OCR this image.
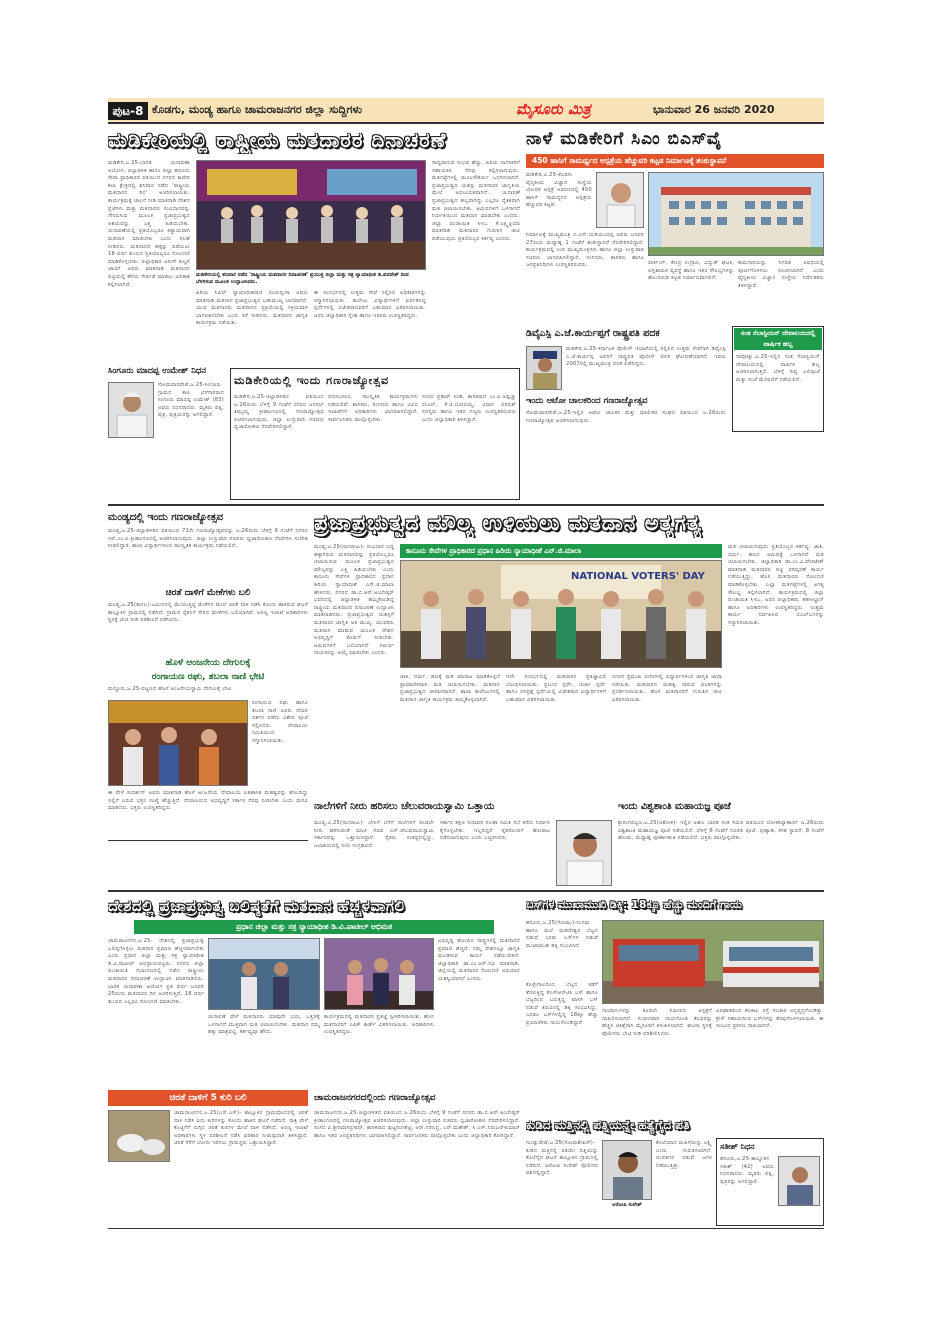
ಪುಟ-8 ಕೊಡಗು, ಮಂಡ್ಯ ಹಾಗೂ ಚಾಮರಾಜನಗರ ಜಿಲ್ಲಾ ಸುದ್ದಿಗಳು	ಮೈಸೂರು ಮಿತ್ರ	ಭಾನುವಾರ 26 ಜನವರಿ 2020
ಮಡಿಕೇರಿಯಲ್ಲಿ ರಾಷ್ಟ್ರೀಯ ಮತದಾರರ ದಿನಾಚರಣೆ
ಮಡಿಕೇರಿ,ಜ.25-ಭಾರತ ಚುನಾವಣಾ ಆಯೋಗ, ಜಿಲ್ಲಾಡಳಿತ ಹಾಗೂ ಜಿಲ್ಲಾ ಕಾನೂನು ಸೇವಾ ಪ್ರಾಧಿಕಾರದ ವತಿಯಿಂದ ನಗರದ ಕಾವೇರಿ ಕಲಾ ಕ್ಷೇತ್ರದಲ್ಲಿ ಶನಿವಾರ ನಡೆದ 'ರಾಷ್ಟ್ರೀಯ ಮತದಾರರ ದಿನ' ಆಚರಿಸಲಾಯಿತು. ಕಾರ್ಯಕ್ರಮಕ್ಕೆ ಚಾಲನೆ ನೀಡಿ ಮಾತನಾಡಿ ದೇಶದ ಪ್ರಜೆಗಳು ಮತ್ತು ಮತದಾರರು ಸಂವಿಧಾನವನ್ನು ಗೌರವಿಸುವ ಮೂಲಕ ಪ್ರಜಾಪ್ರಭುತ್ವದ ಆಶಯವನ್ನು ಎತ್ತಿ ಹಿಡಿಯಬೇಕು. ಚುನಾವಣೆಯಲ್ಲಿ ಪ್ರತಿಯೊಬ್ಬರೂ ಕಡ್ಡಾಯವಾಗಿ ಮತದಾನ ಮಾಡಬೇಕು ಎಂದು ಸಲಹೆ ನೀಡಿದರು. ಮತದಾನದ ಹಕ್ಕನ್ನು ಪಡೆಯಲು 18 ವರ್ಷ ತುಂಬಿದ ಪ್ರತಿಯೊಬ್ಬರೂ ನೋಂದಣಿ ಮಾಡಿಕೊಳ್ಳಬೇಕು. ಜಿಲ್ಲಾಧಿಕಾರಿ ಅನೀಸ್ ಕಣ್ಮಣಿ ಜಾಯ್ ಅವರು ಮಾತನಾಡಿ ಮತದಾರರ ಪಟ್ಟಿಯಲ್ಲಿ ಹೆಸರು ಸೇರ್ಪಡೆ ಮಾಡಲು ಅವಕಾಶ ಕಲ್ಪಿಸಲಾಗಿದೆ.
ಮಡಿಕೇರಿಯಲ್ಲಿ ಶನಿವಾರ ನಡೆದ 'ರಾಷ್ಟ್ರೀಯ ಮತದಾರರ ದಿನಾಚರಣೆ' ಪ್ರಯುಕ್ತ ಜಿಲ್ಲಾ ಮತ್ತು ಸತ್ರ ನ್ಯಾಯಾಧೀಶ ಡಿ.ಪವನೇಶ್ ದೀಪ ಬೆಳಗಿಸುವ ಮೂಲಕ ಉದ್ಘಾಟಿಸಿದರು.
ಹಿರಿಯ ಸಿವಿಲ್ ನ್ಯಾಯಾಧೀಶರಾದ ನೂರುನ್ನೀಸಾ ಅವರು ಮಾತನಾಡಿ ಮತದಾನ ಪ್ರಜಾಪ್ರಭುತ್ವದ ಬಹುಮುಖ್ಯ ಭಾಗವಾಗಿದೆ. ಯುವ ಮತದಾರರು ಮತದಾನದ ಪ್ರಕ್ರಿಯೆಯಲ್ಲಿ ಸಕ್ರಿಯವಾಗಿ ಭಾಗವಹಿಸಬೇಕು ಎಂದು ಕರೆ ನೀಡಿದರು. ಮತದಾರರ ಜಾಗೃತಿ ಕಾರ್ಯಕ್ರಮ ನಡೆಯಿತು.
ಈ ಸಂದರ್ಭದಲ್ಲಿ ಉತ್ತಮ ಸೇವೆ ಸಲ್ಲಿಸಿದ ಅಧಿಕಾರಿಗಳನ್ನು ಸನ್ಮಾನಿಸಲಾಯಿತು. ಕಾಲೇಜು ವಿದ್ಯಾರ್ಥಿಗಳಿಗೆ ಏರ್ಪಡಿಸಿದ್ದ ಸ್ಪರ್ಧೆಗಳಲ್ಲಿ ವಿಜೇತರಾದವರಿಗೆ ಬಹುಮಾನ ವಿತರಿಸಲಾಯಿತು. ಅಪರ ಜಿಲ್ಲಾಧಿಕಾರಿ ಸ್ನೇಹ ಹಾಗೂ ಇತರರು ಉಪಸ್ಥಿತರಿದ್ದರು.
ಸಾಧ್ಯವಾಗುವ ಸಂಭವ ಹೆಚ್ಚು. ಹಿರಿಯ ನಾಗರಿಕರಿಗೆ ಸಹಾಯಕರ ನೆರವು ಕಲ್ಪಿಸಲಾಗುವುದು. ಮತಗಟ್ಟೆಗಳಲ್ಲಿ ಮೂಲಸೌಕರ್ಯ ಒದಗಿಸಲಾಗಿದೆ. ಪ್ರಜಾಪ್ರಭುತ್ವದ ಯಶಸ್ಸು ಮತದಾರರ ಜಾಗೃತಿಯ ಮೇಲೆ ಅವಲಂಬಿತವಾಗಿದೆ. ಚುನಾವಣೆ ಪ್ರಜಾಪ್ರಭುತ್ವದ ಹಬ್ಬವಾಗಿದ್ದು ಎಲ್ಲರೂ ನೈತಿಕವಾಗಿ ಮತ ಚಲಾಯಿಸಬೇಕು. ಆಮಿಷಗಳಿಗೆ ಒಳಗಾಗದೆ ನಿರ್ಭೀತಿಯಿಂದ ಮತದಾನ ಮಾಡಬೇಕು ಎಂದರು. ಜಿಲ್ಲಾ ಪಂಚಾಯಿತಿ ಸಿಇಒ ಕೆ.ಲಕ್ಷ್ಮಿಪ್ರಿಯಾ ಮಾತನಾಡಿ ಮತದಾರರ ಗುರುತಿನ ಚೀಟಿ ಪಡೆಯುವುದು ಪ್ರತಿಯೊಬ್ಬರ ಕರ್ತವ್ಯ ಎಂದರು.
ನಾಳೆ ಮಡಿಕೇರಿಗೆ ಸಿಎಂ ಬಿಎಸ್‍ವೈ
450 ಹಾಸಿಗೆ ಸಾಮರ್ಥ್ಯದ ಆಸ್ಪತ್ರೆಯ ಹೆಚ್ಚುವರಿ ಕಟ್ಟಡ ನಿರ್ಮಾಣಕ್ಕೆ ಶಂಕುಸ್ಥಾಪನೆ
ಮಡಿಕೇರಿ,ಜ.25-ಕೊಡಗು ವೈದ್ಯಕೀಯ ವಿಜ್ಞಾನ ಸಂಸ್ಥೆಯ ಬೋಧಕ ಆಸ್ಪತ್ರೆ ಆವರಣದಲ್ಲಿ 450 ಹಾಸಿಗೆ ಸಾಮರ್ಥ್ಯದ ಆಸ್ಪತ್ರೆಯ ಹೆಚ್ಚುವರಿ ಕಟ್ಟಡ.
ನಿರ್ಮಾಣಕ್ಕೆ ಮುಖ್ಯಮಂತ್ರಿ ಬಿ.ಎಸ್.ಯಡಿಯೂರಪ್ಪ ಅವರು ಜನವರಿ 27ರಂದು ಮಧ್ಯಾಹ್ನ 1 ಗಂಟೆಗೆ ಶಂಕುಸ್ಥಾಪನೆ ನೆರವೇರಿಸಲಿದ್ದಾರೆ. ಕಾರ್ಯಕ್ರಮದಲ್ಲಿ ಉಪ ಮುಖ್ಯಮಂತ್ರಿಗಳು ಹಾಗೂ ಜಿಲ್ಲಾ ಉಸ್ತುವಾರಿ ಸಚಿವರು ಭಾಗವಹಿಸಲಿದ್ದಾರೆ. ಸಂಸದರು, ಶಾಸಕರು ಹಾಗೂ ಜನಪ್ರತಿನಿಧಿಗಳು ಉಪಸ್ಥಿತರಿರುವರು.	ಪಾರ್ಕಿಂಗ್, ಕೇಂದ್ರ ಉಗ್ರಾಣ, ವಿದ್ಯುತ್ ಘಟಕ, ಅಗ್ನಿಶಾಮಕ ವ್ಯವಸ್ಥೆ ಹಾಗೂ ಇತರ ಸೌಲಭ್ಯಗಳನ್ನು ಹೊಂದಿರುವ ಕಟ್ಟಡ ನಿರ್ಮಾಣವಾಗಲಿದೆ.
ಕಾಮಗಾರಿಯನ್ನು ನಿಗದಿತ ಅವಧಿಯಲ್ಲಿ ಪೂರ್ಣಗೊಳಿಸಲು ಸೂಚಿಸಲಾಗಿದೆ ಎಂದು ವೈದ್ಯಕೀಯ ವಿಜ್ಞಾನ ಸಂಸ್ಥೆಯ ನಿರ್ದೇಶಕರು ತಿಳಿಸಿದ್ದಾರೆ.
ಡಿವೈಎಸ್ಪಿ ಎ.ಜೆ.ಕಾರ್ಯಪ್ಪಗೆ ರಾಷ್ಟ್ರಪತಿ ಪದಕ
ಮಡಿಕೇರಿ,ಜ.25-ಕರ್ನಾಟಕ ಪೊಲೀಸ್ ಇಲಾಖೆಯಲ್ಲಿ ಸಲ್ಲಿಸಿದ ಉತ್ತಮ ಸೇವೆಗಾಗಿ ಡಿವೈಎಸ್ಪಿ ಎ.ಜೆ.ಕಾರ್ಯಪ್ಪ ಅವರಿಗೆ ರಾಷ್ಟ್ರಪತಿ ಪೊಲೀಸ್ ಪದಕ ಘೋಷಣೆಯಾಗಿದೆ. ಇವರು 2007ರಲ್ಲಿ ಮುಖ್ಯಮಂತ್ರಿ ಪದಕ ಪಡೆದಿದ್ದರು.
ಇಂದು ಆಟೋ ಚಾಲಕರಿಂದ ಗಣರಾಜ್ಯೋತ್ಸವ
ಸೋಮವಾರಪೇಟೆ,ಜ.25-ಇಲ್ಲಿನ ಆಟೋ ಚಾಲಕರ ಮತ್ತು ಮಾಲೀಕರ ಸಂಘದ ವತಿಯಿಂದ ಜ.26ರಂದು ಗಣರಾಜ್ಯೋತ್ಸವ ಆಚರಿಸಲಾಗುವುದು.
ಸಂತ ಸೆಬಾಸ್ಟಿಯನ್ ದೇವಾಲಯದಲ್ಲಿ ವಾರ್ಷಿಕ ಹಬ್ಬ
ನಾಪೋಕ್ಲು,ಜ.25-ಇಲ್ಲಿನ ಸಂತ ಸೆಬಾಸ್ಟಿಯನ್ ದೇವಾಲಯದಲ್ಲಿ ವಾರ್ಷಿಕ ಹಬ್ಬ ಆಚರಿಸಲಾಗುತ್ತಿದೆ. ಬೆಳಿಗ್ಗೆ ದಿವ್ಯ ಬಲಿಪೂಜೆ ಮತ್ತು ಸಂಜೆ ಮೆರವಣಿಗೆ ನಡೆಯಲಿದೆ.
ಸಿಂಗೂರು ಮಾದಪ್ಪ ಉಮೇಶ್ ನಿಧನ
ಸೋಮವಾರಪೇಟೆ,ಜ.25-ಸಿಂಗೂರು ಗ್ರಾಮದ ಕಾಫಿ ಬೆಳೆಗಾರರಾದ ಸಿಂಗೂರು ಮಾದಪ್ಪ ಉಮೇಶ್ (83) ಅವರು ನಿಧನರಾದರು. ಮೃತರು ಪತ್ನಿ, ಪುತ್ರ, ಪುತ್ರಿಯರನ್ನು ಅಗಲಿದ್ದಾರೆ.
ಮಡಿಕೇರಿಯಲ್ಲಿ ಇಂದು ಗಣರಾಜ್ಯೋತ್ಸವ
ಮಡಿಕೇರಿ,ಜ.25-ಜಿಲ್ಲಾಡಳಿತದ ವತಿಯಿಂದ ಜ.26ರಂದು ಬೆಳಿಗ್ಗೆ 9 ಗಂಟೆಗೆ ನಗರದ ಜನರಲ್ ತಿಮ್ಮಯ್ಯ ಕ್ರೀಡಾಂಗಣದಲ್ಲಿ ಗಣರಾಜ್ಯೋತ್ಸವ ಆಚರಿಸಲಾಗುವುದು. ಜಿಲ್ಲಾ ಉಸ್ತುವಾರಿ ಸಚಿವರು ಧ್ವಜಾರೋಹಣ ನೆರವೇರಿಸಲಿದ್ದಾರೆ.
ಪಥಸಂಚಲನ, ಸಾಂಸ್ಕೃತಿಕ ಕಾರ್ಯಕ್ರಮಗಳು ನಡೆಯಲಿವೆ. ಶಾಸಕರು, ಸಂಸದರು ಹಾಗೂ ವಿವಿಧ ಇಲಾಖೆಗಳ ಅಧಿಕಾರಿಗಳು ಭಾಗವಹಿಸಲಿದ್ದಾರೆ. ಸಾರ್ವಜನಿಕರು ಪಾಲ್ಗೊಳ್ಳಬೇಕು.
ಸಂಸದ ಪ್ರತಾಪ್ ಸಿಂಹ, ಶಾಸಕರಾದ ಎಂ.ಪಿ.ಅಪ್ಪಚ್ಚು ರಂಜನ್, ಕೆ.ಜಿ.ಬೋಪಯ್ಯ, ವಿಧಾನ ಪರಿಷತ್ ಸದಸ್ಯರು ಹಾಗೂ ಇತರ ಗಣ್ಯರು ಉಪಸ್ಥಿತರಿರುವರು ಎಂದು ಜಿಲ್ಲಾಧಿಕಾರಿ ತಿಳಿಸಿದ್ದಾರೆ.
ಮಂಡ್ಯದಲ್ಲಿ ಇಂದು ಗಣರಾಜ್ಯೋತ್ಸವ
ಮಂಡ್ಯ,ಜ.25-ಜಿಲ್ಲಾಡಳಿತದ ವತಿಯಿಂದ 71ನೇ ಗಣರಾಜ್ಯೋತ್ಸವವನ್ನು ಜ.26ರಂದು ಬೆಳಿಗ್ಗೆ 9 ಗಂಟೆಗೆ ನಗರದ ಸರ್.ಎಂ.ವಿ.ಕ್ರೀಡಾಂಗಣದಲ್ಲಿ ಆಚರಿಸಲಾಗುವುದು. ಜಿಲ್ಲಾ ಉಸ್ತುವಾರಿ ಸಚಿವರು ಧ್ವಜಾರೋಹಣ ನೆರವೇರಿಸಿ ಸಂದೇಶ ನೀಡಲಿದ್ದಾರೆ. ಶಾಲಾ ವಿದ್ಯಾರ್ಥಿಗಳಿಂದ ಸಾಂಸ್ಕೃತಿಕ ಕಾರ್ಯಕ್ರಮ ನಡೆಯಲಿದೆ.
ಚಿರತೆ ದಾಳಿಗೆ ಮೇಕೆಗಳು ಬಲಿ
ಮಂಡ್ಯ,ಜ.25(ಕಾಗಲ)-ಜಮೀನಿನಲ್ಲಿ ಮೇಯುತ್ತಿದ್ದ ಮೇಕೆಗಳ ಮೇಲೆ ಚಿರತೆ ದಾಳಿ ನಡೆಸಿ ಕೊಂದು ಹಾಕಿರುವ ಘಟನೆ ತಾಲ್ಲೂಕಿನ ಗ್ರಾಮದಲ್ಲಿ ನಡೆದಿದೆ. ಗ್ರಾಮದ ರೈತನಿಗೆ ಸೇರಿದ ಮೇಕೆಗಳು ಬಲಿಯಾಗಿವೆ. ಅರಣ್ಯ ಇಲಾಖೆ ಅಧಿಕಾರಿಗಳು ಸ್ಥಳಕ್ಕೆ ಭೇಟಿ ನೀಡಿ ಪರಿಶೀಲನೆ ನಡೆಸಿದರು.
ಹೊಳೆ ಆಂಜನೇಯ ದೇಗುಲಕ್ಕೆ
ರಂಗಾಯಣ ರಘು, ತಬಲಾ ನಾಣಿ ಭೇಟಿ
ಮದ್ದೂರು,ಜ.25-ಪಟ್ಟಣದ ಹೊಳೆ ಆಂಜನೇಯಸ್ವಾಮಿ ದೇಗುಲಕ್ಕೆ ಭೇಟಿ.
ರಂಗಾಯಣ ರಘು ಹಾಗೂ ತಬಲಾ ನಾಣಿ ಅವರು ದೇವರ ದರ್ಶನ ಪಡೆದು ವಿಶೇಷ ಪೂಜೆ ಸಲ್ಲಿಸಿದರು. ದೇವಾಲಯ ಸಮಿತಿಯಿಂದ ಸನ್ಮಾನಿಸಲಾಯಿತು.
ಈ ವೇಳೆ ಸುದರ್ಶನ್ ಅವರು ಮಾತನಾಡಿ ಹೊಳೆ ಆಂಜನೇಯ ದೇವಾಲಯ ಐತಿಹಾಸಿಕ ಮಹತ್ವವನ್ನು ಹೊಂದಿದ್ದು ಇಲ್ಲಿಗೆ ಬರುವ ಭಕ್ತರ ಸಂಖ್ಯೆ ಹೆಚ್ಚುತ್ತಿದೆ. ದೇವಾಲಯದ ಅಭಿವೃದ್ಧಿಗೆ ಸರ್ಕಾರ ನೆರವು ನೀಡಬೇಕು ಎಂದು ಮನವಿ ಮಾಡಿದರು. ಭಕ್ತರು ಉಪಸ್ಥಿತರಿದ್ದರು.
ಪ್ರಜಾಪ್ರಭುತ್ವದ ಮೌಲ್ಯ ಉಳಿಯಲು ಮತದಾನ ಅತ್ಯಗತ್ಯ
ಮಂಡ್ಯ,ಜ.25(ನಾಗರಾಜು)- ಸಂವಿಧಾನ ಬದ್ಧ ಹಕ್ಕಾಗಿರುವ ಮತದಾನವನ್ನು ಪ್ರತಿಯೊಬ್ಬರೂ ಚಲಾಯಿಸುವ ಮೂಲಕ ಪ್ರಜಾಪ್ರಭುತ್ವದ ಮೌಲ್ಯವನ್ನು ಎತ್ತಿ ಹಿಡಿಯಬೇಕು ಎಂದು ಕಾನೂನು ಸೇವೆಗಳ ಪ್ರಾಧಿಕಾರದ ಪ್ರಧಾನ ಹಿರಿಯ ನ್ಯಾಯಾಧೀಶೆ ಎನ್.ಜಿ.ಮಾಲಾ ಹೇಳಿದರು. ನಗರದ ಡಾ.ಬಿ.ಆರ್.ಅಂಬೇಡ್ಕರ್ ಭವನದಲ್ಲಿ ಜಿಲ್ಲಾಡಳಿತ ಹಮ್ಮಿಕೊಂಡಿದ್ದ ರಾಷ್ಟ್ರೀಯ ಮತದಾರರ ದಿನಾಚರಣೆ ಉದ್ಘಾಟಿಸಿ ಮಾತನಾಡಿದರು. ಪ್ರಜಾಪ್ರಭುತ್ವದ ಯಶಸ್ಸಿಗೆ ಮತದಾರರ ಜಾಗೃತಿ ಅತಿ ಮುಖ್ಯ. ಯುವಕರು ಮತದಾನ ಮಾಡುವ ಮೂಲಕ ದೇಶದ ಅಭಿವೃದ್ಧಿಗೆ ಕೊಡುಗೆ ನೀಡಬೇಕು. ಆಮಿಷಗಳಿಗೆ ಬಲಿಯಾಗದೆ ಸಮರ್ಥ ನಾಯಕರನ್ನು ಆಯ್ಕೆ ಮಾಡಬೇಕು ಎಂದರು.
ಕಾನೂನು ಸೇವೆಗಳ ಪ್ರಾಧಿಕಾರದ ಪ್ರಧಾನ ಹಿರಿಯ ನ್ಯಾಯಾಧೀಶೆ ಎನ್.ಜಿ.ಮಾಲಾ
NATIONAL VOTERS' DAY
ಮತ ಚಲಾಯಿಸುವುದು ಪ್ರತಿಯೊಬ್ಬರ ಕರ್ತವ್ಯ. ಜಾತಿ, ಧರ್ಮ, ಹಣದ ಆಮಿಷಕ್ಕೆ ಒಳಗಾಗದೆ ಮತ ಚಲಾಯಿಸಬೇಕು. ಜಿಲ್ಲಾಧಿಕಾರಿ ಡಾ.ಎಂ.ವಿ.ವೆಂಕಟೇಶ್ ಮಾತನಾಡಿ ಮತದಾರರ ಪಟ್ಟಿ ಪರಿಷ್ಕರಣೆ ಕಾರ್ಯ ನಡೆಯುತ್ತಿದ್ದು, ಹೊಸ ಮತದಾರರು ನೋಂದಣಿ ಮಾಡಿಕೊಳ್ಳಬೇಕು. ಎಲ್ಲಾ ಮತಗಟ್ಟೆಗಳಲ್ಲಿ ಅಗತ್ಯ ಸೌಲಭ್ಯ ಕಲ್ಪಿಸಲಾಗಿದೆ. ಕಾರ್ಯಕ್ರಮದಲ್ಲಿ ಜಿಲ್ಲಾ ಪಂಚಾಯಿತಿ ಸಿಇಒ, ಅಪರ ಜಿಲ್ಲಾಧಿಕಾರಿ, ತಹಸೀಲ್ದಾರ್ ಹಾಗೂ ಅಧಿಕಾರಿಗಳು ಉಪಸ್ಥಿತರಿದ್ದರು. ಉತ್ತಮ ಕಾರ್ಯ ನಿರ್ವಹಿಸಿದ ಬಿಎಲ್‌ಒಗಳನ್ನು ಸನ್ಮಾನಿಸಲಾಯಿತು.
ಜಾತಿ, ಧರ್ಮ, ಹಣಕ್ಕೆ ಮತ ಮಾರಾಟ ಮಾಡಿಕೊಳ್ಳದೆ ಪ್ರಾಮಾಣಿಕವಾಗಿ ಮತ ಚಲಾಯಿಸಬೇಕು. ಮತದಾನ ಪ್ರಜಾಪ್ರಭುತ್ವದ ಜೀವಾಳವಾಗಿದೆ. ಶಾಲಾ ಕಾಲೇಜುಗಳಲ್ಲಿ ಮತದಾನ ಜಾಗೃತಿ ಕಾರ್ಯಕ್ರಮ ಹಮ್ಮಿಕೊಳ್ಳಲಾಗಿದೆ.
ಇದೇ ಸಂದರ್ಭದಲ್ಲಿ ಮತದಾರರ ಪ್ರತಿಜ್ಞಾವಿಧಿ ಬೋಧಿಸಲಾಯಿತು. ಪ್ರಬಂಧ ಸ್ಪರ್ಧೆ, ಚರ್ಚಾ ಸ್ಪರ್ಧೆ ಹಾಗೂ ರಸಪ್ರಶ್ನೆ ಸ್ಪರ್ಧೆಯಲ್ಲಿ ವಿಜೇತರಾದ ವಿದ್ಯಾರ್ಥಿಗಳಿಗೆ ಬಹುಮಾನ ವಿತರಿಸಲಾಯಿತು.
ನಗರದ ಪ್ರಮುಖ ಬೀದಿಗಳಲ್ಲಿ ವಿದ್ಯಾರ್ಥಿಗಳಿಂದ ಜಾಗೃತಿ ಜಾಥಾ ನಡೆಯಿತು. ಮತದಾನದ ಮಹತ್ವ ಸಾರುವ ಫಲಕಗಳನ್ನು ಪ್ರದರ್ಶಿಸಲಾಯಿತು. ಹೊಸ ಮತದಾರರಿಗೆ ಗುರುತಿನ ಚೀಟಿ ವಿತರಿಸಲಾಯಿತು.
ನಾಲೆಗಳಿಗೆ ನೀರು ಹರಿಸಲು ಚೆಲುವರಾಯಸ್ವಾಮಿ ಒತ್ತಾಯ
ಮಂಡ್ಯ,ಜ.25(ನಾಗರಾಜು)- ಬೇಸಿಗೆ ಬೆಳೆಗೆ ನಾಲೆಗಳಿಗೆ ಕೂಡಲೇ ನೀರು ಹರಿಸುವಂತೆ ಮಾಜಿ ಸಚಿವ ಎನ್.ಚೆಲುವರಾಯಸ್ವಾಮಿ ಸರ್ಕಾರವನ್ನು ಒತ್ತಾಯಿಸಿದ್ದಾರೆ. ರೈತರು ಸಂಕಷ್ಟದಲ್ಲಿದ್ದು, ಜಲಾಶಯದಲ್ಲಿ ನೀರು ಸಂಗ್ರಹವಿದೆ.
ಸರ್ಕಾರ ತಕ್ಷಣ ನೀರಾವರಿ ಸಲಹಾ ಸಮಿತಿ ಸಭೆ ಕರೆದು ನಿರ್ಧಾರ ಕೈಗೊಳ್ಳಬೇಕು. ಇಲ್ಲದಿದ್ದರೆ ರೈತರೊಂದಿಗೆ ಹೋರಾಟ ನಡೆಸಲಾಗುವುದು ಎಂದು ಎಚ್ಚರಿಸಿದರು.
ಇಂದು ವಿಶ್ವಶಾಂತಿ ಮಹಾಯಜ್ಞ ಪೂಜೆ
ಶ್ರೀರಂಗಪಟ್ಟಣ,ಜ.25(ಅಶೋಕ)- ಇಲ್ಲಿನ ಅಖಿಲ ಭಾರತ ಸಂತ ಸಮಿತಿ ವತಿಯಿಂದ ಲೋಕಕಲ್ಯಾಣಾರ್ಥ ಜ.26ರಂದು ವಿಶ್ವಶಾಂತಿ ಮಹಾಯಜ್ಞ ಪೂಜೆ ನಡೆಯಲಿದೆ. ಬೆಳಿಗ್ಗೆ 6 ಗಂಟೆಗೆ ಗಣಪತಿ ಪೂಜೆ, ಪುಣ್ಯಾಹ, ಕಳಶ ಸ್ಥಾಪನೆ, 8 ಗಂಟೆಗೆ ಹೋಮ, ಮಧ್ಯಾಹ್ನ ಪೂರ್ಣಾಹುತಿ ನಡೆಯಲಿದೆ. ಭಕ್ತರು ಪಾಲ್ಗೊಳ್ಳಬೇಕು.
ದೇಶದಲ್ಲಿ ಪ್ರಜಾಪ್ರಭುತ್ವ ಬಲಿಷ್ಠತೆಗೆ ಮತದಾನ ಹೆಚ್ಚಳವಾಗಲಿ
ಪ್ರಧಾನ ಜಿಲ್ಲಾ ಮತ್ತು ಸತ್ರ ನ್ಯಾಯಾಧೀಶ ಡಿ.ವಿ.ಪಾಟೀಲ್ ಅಭಿಮತ
ಚಾಮರಾಜನಗರ,ಜ.25- ದೇಶದಲ್ಲಿ ಪ್ರಜಾಪ್ರಭುತ್ವ ಬಲಿಷ್ಠಗೊಳ್ಳಲು ಮತದಾನ ಪ್ರಮಾಣ ಹೆಚ್ಚಳವಾಗಬೇಕು ಎಂದು ಪ್ರಧಾನ ಜಿಲ್ಲಾ ಮತ್ತು ಸತ್ರ ನ್ಯಾಯಾಧೀಶ ಡಿ.ವಿ.ಪಾಟೀಲ್ ಅಭಿಪ್ರಾಯಪಟ್ಟರು. ನಗರದ ಜಿಲ್ಲಾ ಪಂಚಾಯಿತಿ ಸಭಾಂಗಣದಲ್ಲಿ ನಡೆದ ರಾಷ್ಟ್ರೀಯ ಮತದಾರರ ದಿನಾಚರಣೆ ಉದ್ಘಾಟಿಸಿ ಮಾತನಾಡಿದರು. ಭಾರತ ಚುನಾವಣಾ ಆಯೋಗ ಪ್ರತಿ ವರ್ಷ ಜನವರಿ 25ರಂದು ಮತದಾರರ ದಿನ ಆಚರಿಸುತ್ತಿದೆ. 18 ವರ್ಷ ತುಂಬಿದ ಎಲ್ಲರೂ ನೋಂದಣಿ ಮಾಡಬೇಕು.
ಅಭಿವೃದ್ಧಿ ಹೊಂದಿದ ರಾಷ್ಟ್ರಗಳಲ್ಲಿ ಮತದಾನದ ಪ್ರಮಾಣ ಹೆಚ್ಚಿದೆ. ನಮ್ಮ ದೇಶದಲ್ಲೂ ಜಾಗೃತಿ ಮೂಡಿಸುವ ಕಾರ್ಯ ನಡೆಯಬೇಕಿದೆ. ಜಿಲ್ಲಾಧಿಕಾರಿ ಡಾ.ಎಂ.ಆರ್.ರವಿ ಮಾತನಾಡಿ, ಜಿಲ್ಲೆಯಲ್ಲಿ ಮತದಾರರ ನೋಂದಣಿ ಅಭಿಯಾನ ಯಶಸ್ವಿಯಾಗಿದೆ ಎಂದರು.
ಚುನಾವಣೆ ವೇಳೆ ಮತದಾರರು ಯಾವುದೇ ಭಯ, ಒತ್ತಡಕ್ಕೆ ಒಳಗಾಗದೆ ಮುಕ್ತವಾಗಿ ಮತ ಚಲಾಯಿಸಬೇಕು. ಮತದಾನ ನಮ್ಮ ಹಕ್ಕು ಮಾತ್ರವಲ್ಲ, ಕರ್ತವ್ಯವೂ ಹೌದು.
ಕಾರ್ಯಕ್ರಮದಲ್ಲಿ ಮತದಾರರ ಪ್ರತಿಜ್ಞೆ ಸ್ವೀಕರಿಸಲಾಯಿತು. ಹೊಸ ಮತದಾರರಿಗೆ ಎಪಿಕ್ ಕಾರ್ಡ್ ವಿತರಿಸಲಾಯಿತು. ಅಧಿಕಾರಿಗಳು ಉಪಸ್ಥಿತರಿದ್ದರು.
ಚಿರತೆ ದಾಳಿಗೆ 5 ಕುರಿ ಬಲಿ
ಚಾಮರಾಜನಗರ,ಜ.25(ಎನ್.ಎಸ್)- ತಾಲ್ಲೂಕಿನ ಗ್ರಾಮವೊಂದರಲ್ಲಿ ಚಿರತೆ ದಾಳಿ ನಡೆಸಿ ಐದು ಕುರಿಗಳನ್ನು ಕೊಂದು ಹಾಕಿದ ಘಟನೆ ನಡೆದಿದೆ. ರಾತ್ರಿ ವೇಳೆ ಕೊಟ್ಟಿಗೆಗೆ ನುಗ್ಗಿದ ಚಿರತೆ ಕುರಿಗಳ ಮೇಲೆ ದಾಳಿ ನಡೆಸಿದೆ. ಅರಣ್ಯ ಇಲಾಖೆ ಅಧಿಕಾರಿಗಳು ಸ್ಥಳ ಪರಿಶೀಲನೆ ನಡೆಸಿ ಪರಿಹಾರ ನೀಡುವುದಾಗಿ ತಿಳಿಸಿದ್ದಾರೆ. ಚಿರತೆ ಸೆರೆಗೆ ಬೋನು ಇರಿಸಲು ಗ್ರಾಮಸ್ಥರು ಒತ್ತಾಯಿಸಿದ್ದಾರೆ.
ಚಾಮರಾಜನಗರದಲ್ಲಿಂದು ಗಣರಾಜ್ಯೋತ್ಸವ
ಚಾಮರಾಜನಗರ,ಜ.25-ಜಿಲ್ಲಾಡಳಿತದ ವತಿಯಿಂದ ಜ.26ರಂದು ಬೆಳಿಗ್ಗೆ 9 ಗಂಟೆಗೆ ನಗರದ ಡಾ.ಬಿ.ಆರ್.ಅಂಬೇಡ್ಕರ್ ಕ್ರೀಡಾಂಗಣದಲ್ಲಿ ಗಣರಾಜ್ಯೋತ್ಸವ ಆಚರಿಸಲಾಗುವುದು. ಜಿಲ್ಲಾ ಉಸ್ತುವಾರಿ ಸಚಿವರು ಧ್ವಜಾರೋಹಣ ನೆರವೇರಿಸಲಿದ್ದಾರೆ. ಸಂಸದ ವಿ.ಶ್ರೀನಿವಾಸಪ್ರಸಾದ್, ಶಾಸಕರಾದ ಪುಟ್ಟರಂಗಶೆಟ್ಟಿ, ಆರ್.ನರೇಂದ್ರ, ಎನ್.ಮಹೇಶ್, ಸಿ.ಎಸ್.ನಿರಂಜನ್‌ಕುಮಾರ್ ಹಾಗೂ ಇತರ ಜನಪ್ರತಿನಿಧಿಗಳು ಭಾಗವಹಿಸಲಿದ್ದಾರೆ. ಸಾರ್ವಜನಿಕರು ಪಾಲ್ಗೊಳ್ಳಬೇಕು ಎಂದು ಜಿಲ್ಲಾಧಿಕಾರಿ ಕೋರಿದ್ದಾರೆ.
ಬಸ್‍ಗಳ ಮುಖಾಮುಖಿ ಡಿಕ್ಕಿ: 18ಕ್ಕೂ ಹೆಚ್ಚು ಮಂದಿಗೆ ಗಾಯ
ಹನೂರು,ಜ.25(ಸೋಮು)-ಸಂಗಮ ಹಾಗೂ ಮಲೆ ಮಹದೇಶ್ವರ ಬೆಟ್ಟದ ನಡುವೆ ಎರಡು ಬಸ್‌ಗಳ ನಡುವೆ ಮುಖಾಮುಖಿ ಡಿಕ್ಕಿ ಸಂಭವಿಸಿದೆ.
ಕೊಳ್ಳೇಗಾಲದಿಂದ ಬೆಟ್ಟದ ಕಡೆಗೆ ತೆರಳುತ್ತಿದ್ದ ಕೆಎಸ್‌ಆರ್‌ಟಿಸಿ ಬಸ್ ಹಾಗೂ ಬೆಟ್ಟದಿಂದ ಬರುತ್ತಿದ್ದ ಖಾಸಗಿ ಬಸ್ ನಡುವೆ ತಿರುವಿನಲ್ಲಿ ಡಿಕ್ಕಿ ಸಂಭವಿಸಿದ್ದು, ಎರಡೂ ಬಸ್‌ಗಳಲ್ಲಿದ್ದ 18ಕ್ಕೂ ಹೆಚ್ಚು ಪ್ರಯಾಣಿಕರು ಗಾಯಗೊಂಡಿದ್ದಾರೆ.
ಗಾಯಾಳುಗಳನ್ನು ಕೂಡಲೇ ಸಮೀಪದ ಆಸ್ಪತ್ರೆಗೆ ದಾಖಲಿಸಲಾಗಿದೆ. ಗಂಭೀರವಾಗಿ ಗಾಯಗೊಂಡ ಕೆಲವರನ್ನು ಹೆಚ್ಚಿನ ಚಿಕಿತ್ಸೆಗಾಗಿ ಮೈಸೂರಿಗೆ ಕಳುಹಿಸಲಾಗಿದೆ. ಘಟನಾ ಸ್ಥಳಕ್ಕೆ ಪೊಲೀಸರು ಭೇಟಿ ನೀಡಿ ಪರಿಶೀಲಿಸಿದರು.
ಅಪಘಾತದಿಂದ ಕೆಲಕಾಲ ರಸ್ತೆ ಸಂಚಾರ ಅಸ್ತವ್ಯಸ್ತಗೊಂಡಿತ್ತು. ಕ್ರೇನ್ ಸಹಾಯದಿಂದ ಬಸ್‌ಗಳನ್ನು ತೆರವುಗೊಳಿಸಲಾಯಿತು. ಈ ಸಂಬಂಧ ಪ್ರಕರಣ ದಾಖಲಾಗಿದೆ.
ಕುಡಿದ ಮತ್ತಿನಲ್ಲಿ ಪತ್ನಿಯನ್ನೇ ಹತ್ಯೆಗೈದ ಪತಿ
ಗುಂಡ್ಲುಪೇಟೆ,ಜ.25(ಸೋಮಶೇಖರ್)- ಕುಡಿದ ಮತ್ತಿನಲ್ಲಿ ಪತಿಯೇ ಪತ್ನಿಯನ್ನು ಕೊಲೆಗೈದ ಘಟನೆ ತಾಲ್ಲೂಕಿನ ಗ್ರಾಮದಲ್ಲಿ ನಡೆದಿದೆ. ಆರೋಪಿ ಸುರೇಶ್ ಪೊಲೀಸರ ವಶದಲ್ಲಿದ್ದಾನೆ.
ಆರೋಪಿ ಸುರೇಶ್
ಕೊಲೆಯಾದ ಮಹಿಳೆಯನ್ನು ಲಕ್ಷ್ಮಿ ಎಂದು ಗುರುತಿಸಲಾಗಿದೆ. ದಂಪತಿಗಳ ನಡುವೆ ಜಗಳ ನಡೆಯುತ್ತಿತ್ತು.
ಸತೀಶ್ ನಿಧನ
ಹನೂರು,ಜ.25-ತಾಲ್ಲೂಕಿನ ಸತೀಶ್ (42) ಅವರು ನಿಧನರಾದರು. ಮೃತರು ಪತ್ನಿ, ಪುತ್ರರನ್ನು ಅಗಲಿದ್ದಾರೆ.
